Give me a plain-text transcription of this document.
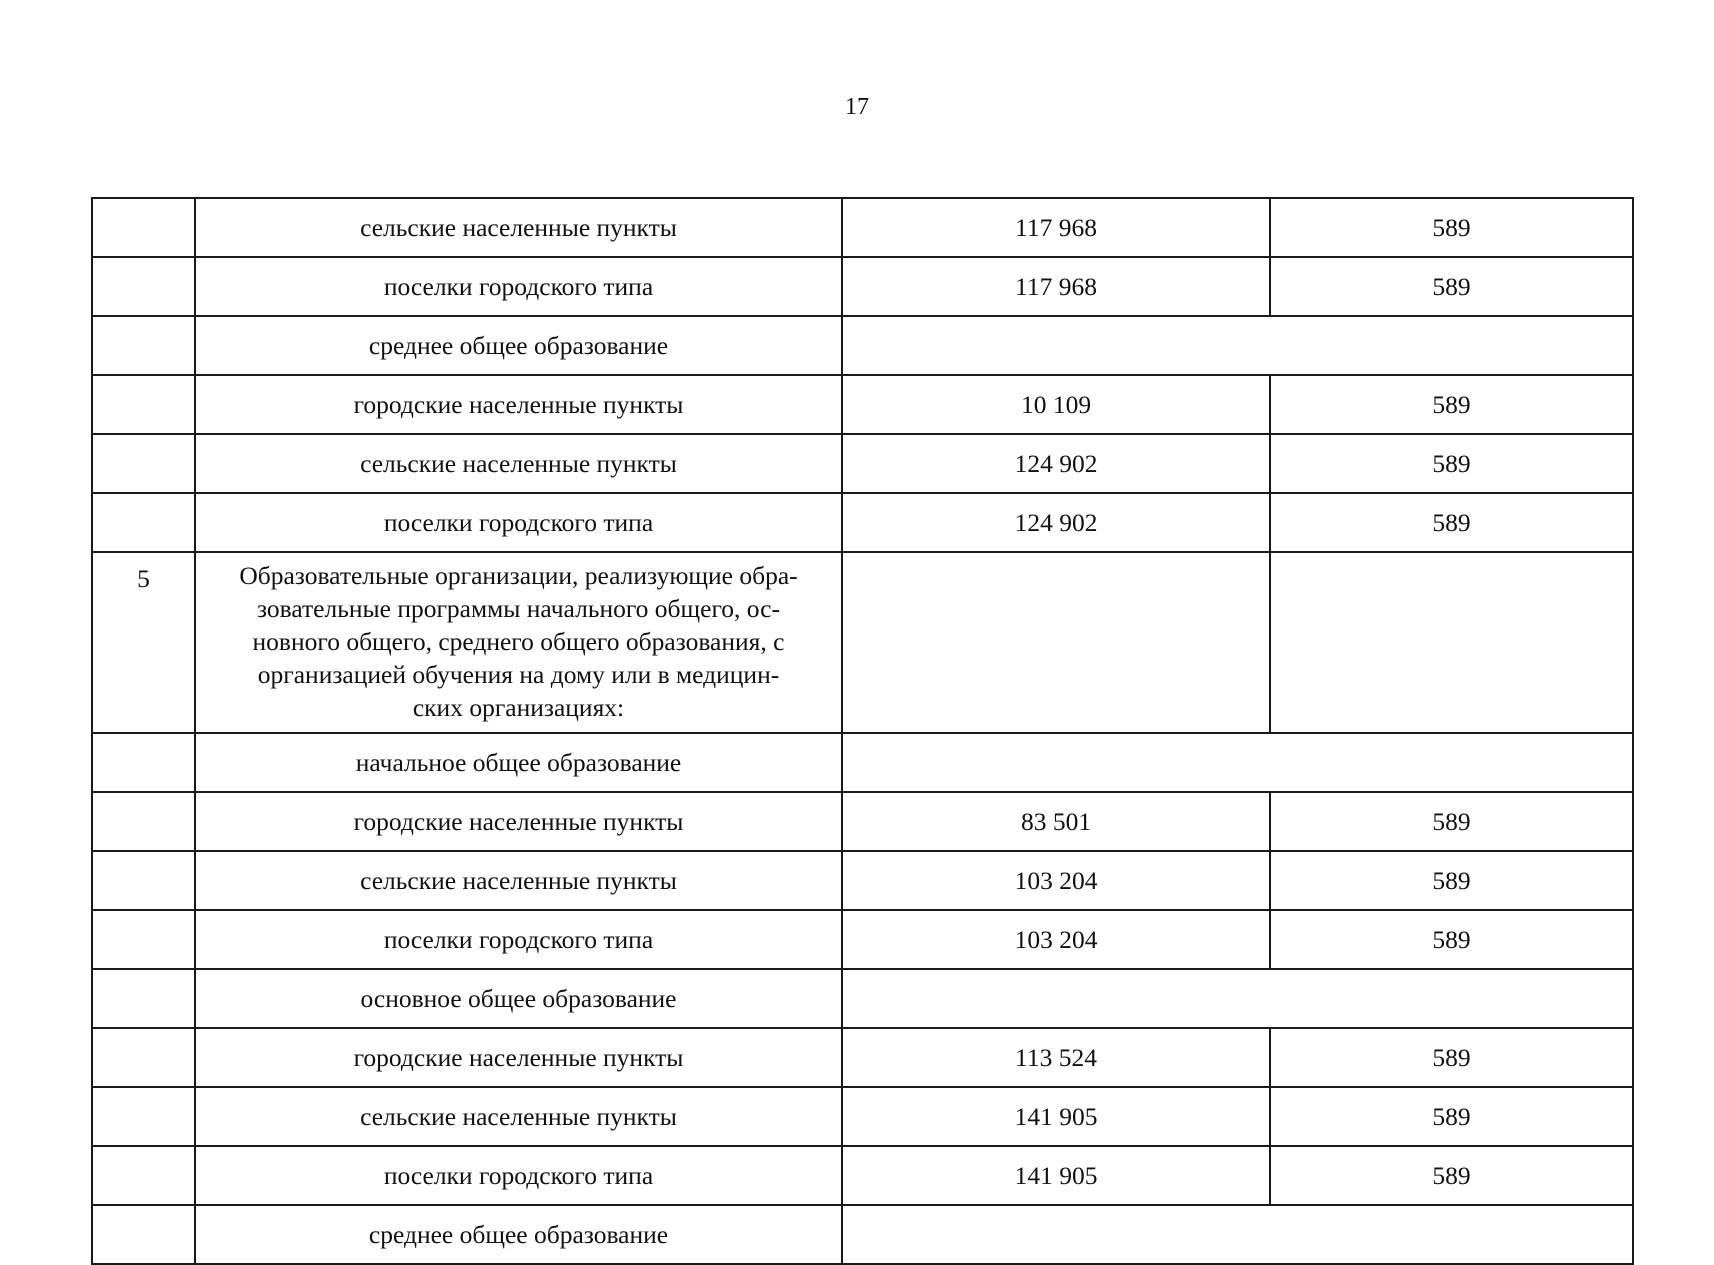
17
	сельские населенные пункты	117 968	589
	поселки городского типа	117 968	589
	среднее общее образование		
	городские населенные пункты	10 109	589
	сельские населенные пункты	124 902	589
	поселки городского типа	124 902	589
5	Образовательные организации, реализующие обра-
зовательные программы начального общего, ос-
новного общего, среднего общего образования, с
организацией обучения на дому или в медицин-
ских организациях:		

	начальное общее образование		
	городские населенные пункты	83 501	589
	сельские населенные пункты	103 204	589
	поселки городского типа	103 204	589
	основное общее образование		
	городские населенные пункты	113 524	589
	сельские населенные пункты	141 905	589
	поселки городского типа	141 905	589
	среднее общее образование		
